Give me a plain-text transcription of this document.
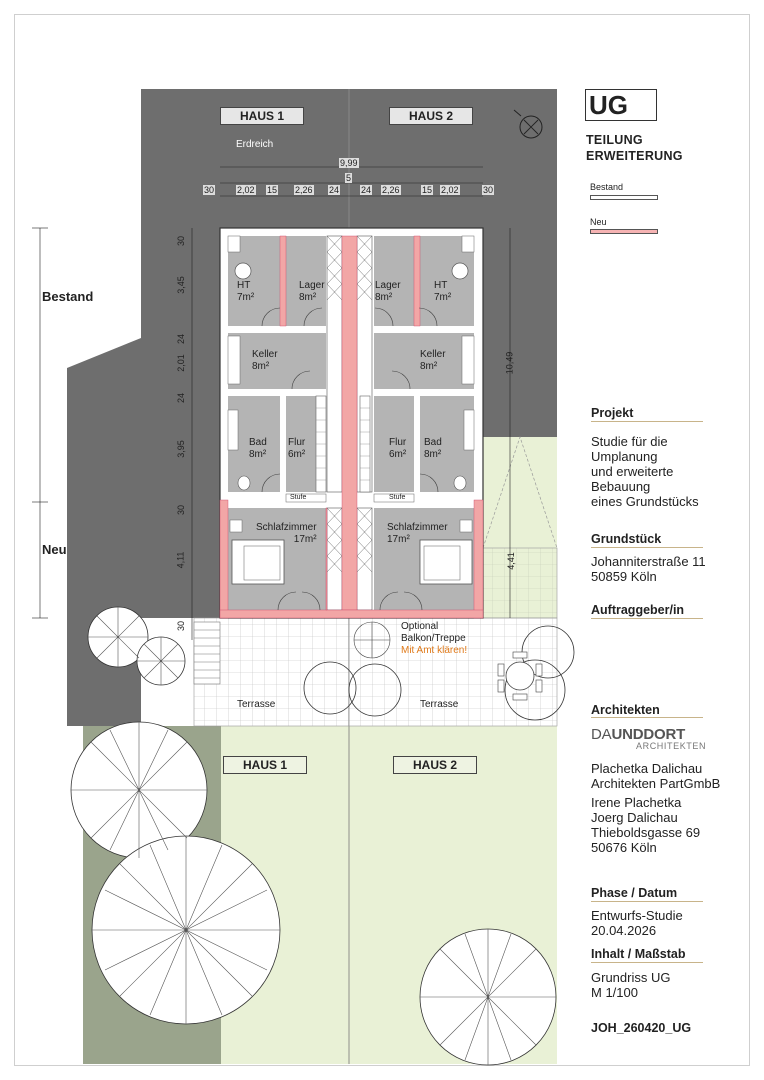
HAUS 1	HAUS 2
Erdreich
9,99
5
30	2,02 15 2,26 24 24 2,26 15 2,02	30
30
3,45
24
2,01
24
3,95
30
4,11
30
10,49
4,41
Bestand
Neu
HT
7m²
Lager
8m²
Keller
8m²
Bad
8m²
Flur
6m²
Schlafzimmer
17m²
Lager
8m²
HT
7m²
Keller
8m²
Flur
6m²
Bad
8m²
Schlafzimmer
17m²
Stufe	Stufe
Optional
Balkon/Treppe
Mit Amt klären!
Terrasse	Terrasse
HAUS 1	HAUS 2
UG
TEILUNG
ERWEITERUNG
Bestand
Neu
Projekt
Studie für die
Umplanung
und erweiterte
Bebauung
eines Grundstücks
Grundstück
Johanniterstraße 11
50859 Köln
Auftraggeber/in
Architekten
DAUNDDORT
ARCHITEKTEN
Plachetka Dalichau
Architekten PartGmbB
Irene Plachetka
Joerg Dalichau
Thieboldsgasse 69
50676 Köln
Phase / Datum
Entwurfs-Studie
20.04.2026
Inhalt / Maßstab
Grundriss UG
M 1/100
JOH_260420_UG
